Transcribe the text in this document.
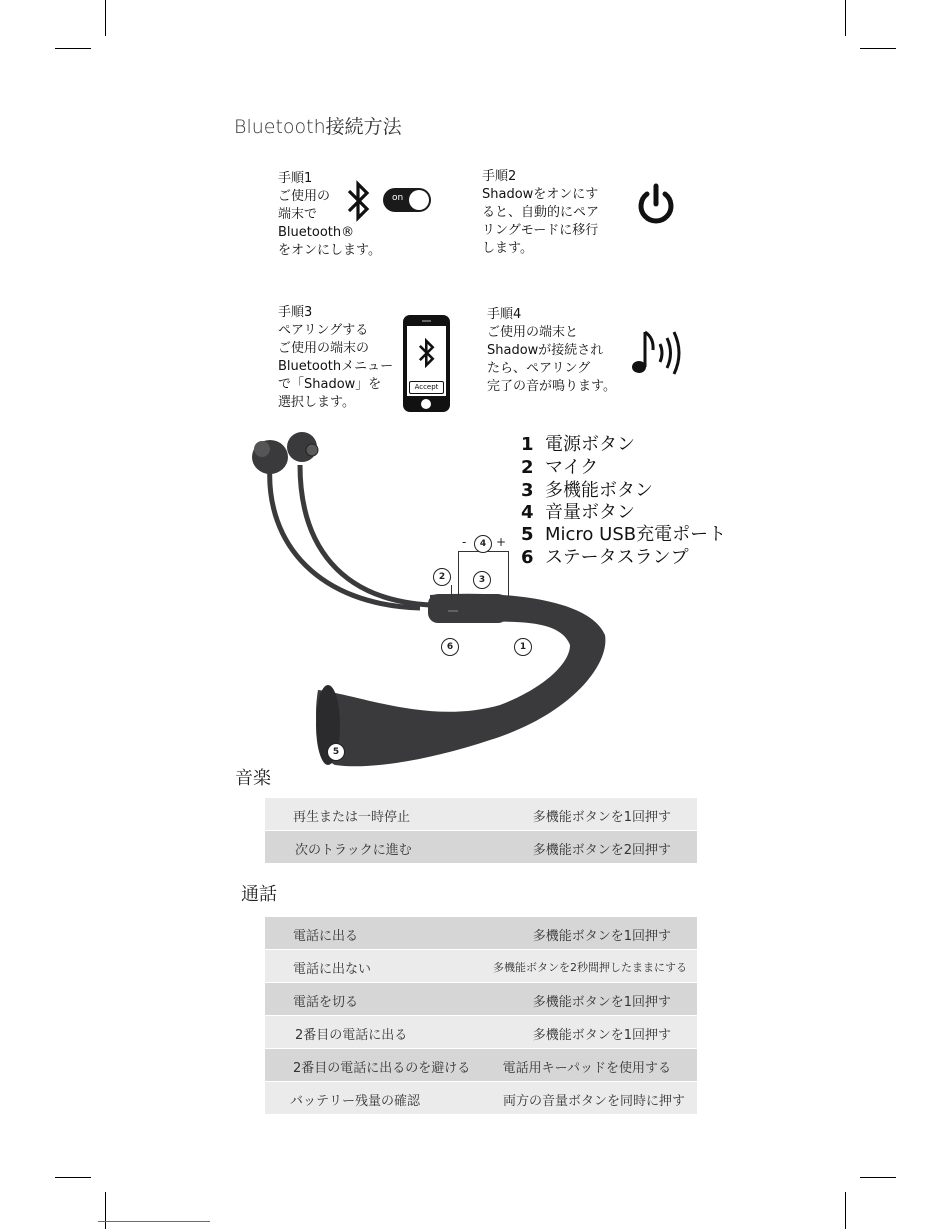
Bluetooth接続方法
手順1
ご使用の
端末で
Bluetooth®
をオンにします。
on
手順2
Shadowをオンにす
ると、自動的にペア
リングモードに移行
します。
手順3
ペアリングする
ご使用の端末の
Bluetoothメニュー
で「Shadow」を
選択します。
Accept
手順4
ご使用の端末と
Shadowが接続され
たら、ペアリング
完了の音が鳴ります。
- +
4
2	3
6	1
5
1 電源ボタン
2 マイク
3 多機能ボタン
4 音量ボタン
5 Micro USB充電ポート
6 ステータスランプ
音楽
再生または一時停止	多機能ボタンを1回押す
次のトラックに進む	多機能ボタンを2回押す
通話
電話に出る	多機能ボタンを1回押す
電話に出ない	多機能ボタンを2秒間押したままにする
電話を切る	多機能ボタンを1回押す
2番目の電話に出る	多機能ボタンを1回押す
2番目の電話に出るのを避ける 電話用キーパッドを使用する
バッテリー残量の確認	両方の音量ボタンを同時に押す
